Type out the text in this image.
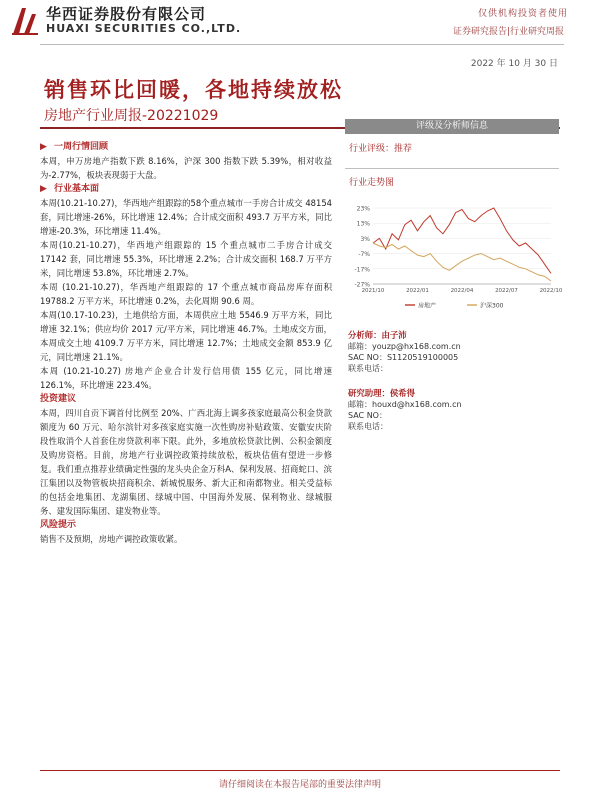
华西证券股份有限公司
HUAXI SECURITIES CO.,LTD.
仅供机构投资者使用
证券研究报告|行业研究周报
2022 年 10 月 30 日
销售环比回暖，各地持续放松
房地产行业周报-20221029
▶ 一周行情回顾

本周，申万房地产指数下跌 8.16%，沪深 300 指数下跌 5.39%，相对收益为-2.77%，板块表现弱于大盘。

▶ 行业基本面

本周(10.21-10.27)，华西地产组跟踪的58个重点城市一手房合计成交 48154 套，同比增速-26%，环比增速 12.4%；合计成交面积 493.7 万平方米，同比增速-20.3%，环比增速 11.4%。

本周(10.21-10.27)，华西地产组跟踪的 15 个重点城市二手房合计成交 17142 套，同比增速 55.3%，环比增速 2.2%；合计成交面积 168.7 万平方米，同比增速 53.8%，环比增速 2.7%。

本周 (10.21-10.27)，华西地产组跟踪的 17 个重点城市商品房库存面积 19788.2 万平方米，环比增速 0.2%，去化周期 90.6 周。

本周(10.17-10.23)，土地供给方面，本周供应土地 5546.9 万平方米，同比增速 32.1%；供应均价 2017 元/平方米，同比增速 46.7%。土地成交方面，本周成交土地 4109.7 万平方米，同比增速 12.7%；土地成交金额 853.9 亿元，同比增速 21.1%。

本周 (10.21-10.27) 房地产企业合计发行信用债 155 亿元，同比增速 126.1%，环比增速 223.4%。

投资建议

本周，四川自贡下调首付比例至 20%、广西北海上调多孩家庭最高公积金贷款额度为 60 万元、哈尔滨针对多孩家庭实施一次性购房补贴政策、安徽安庆阶段性取消个人首套住房贷款利率下限。此外，多地放松贷款比例、公积金额度及购房资格。目前，房地产行业调控政策持续放松，板块估值有望进一步修复。我们重点推荐业绩确定性强的龙头央企金万科A、保利发展、招商蛇口、滨江集团以及物管板块招商积余、新城悦服务、新大正和南都物业。相关受益标的包括金地集团、龙湖集团、绿城中国、中国海外发展、保利物业、绿城服务、建发国际集团、建发物业等。

风险提示

销售不及预期，房地产调控政策收紧。

评级及分析师信息
行业评级：推荐
行业走势图
23%
13%
3%
-7%
-17%
-27%
2021/10	2022/01	2022/04	2022/07	2022/10
房地产	沪深300
分析师：由子沛
邮箱：youzp@hx168.com.cn
SAC NO：S1120519100005
联系电话：
研究助理：侯希得
邮箱：houxd@hx168.com.cn
SAC NO：
联系电话：
请仔细阅读在本报告尾部的重要法律声明
